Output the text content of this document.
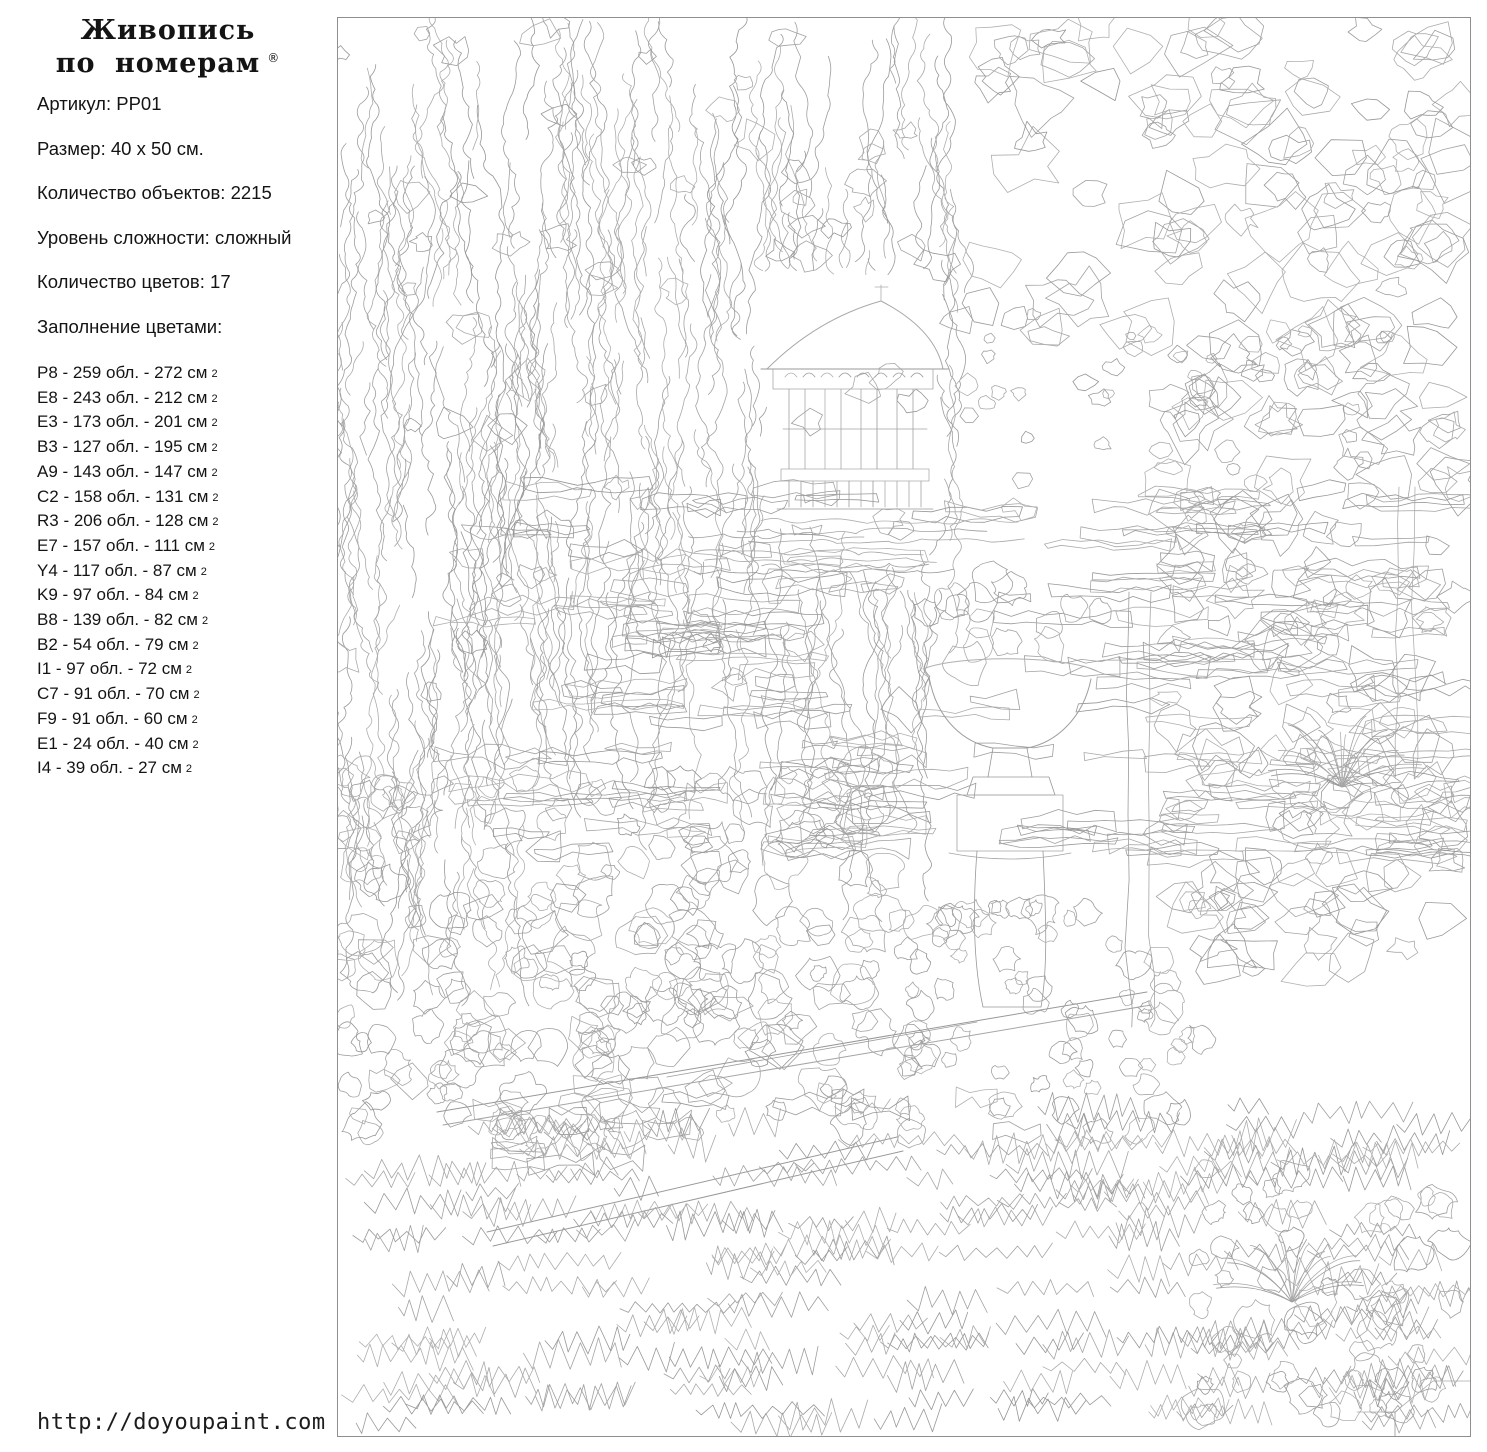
Живопись
по номерам ®

Артикул: PP01

Размер: 40 x 50 см.

Количество объектов: 2215

Уровень сложности: сложный

Количество цветов: 17

Заполнение цветами:

P8 - 259 обл. - 272 см 2
E8 - 243 обл. - 212 см 2
E3 - 173 обл. - 201 см 2
B3 - 127 обл. - 195 см 2
A9 - 143 обл. - 147 см 2
C2 - 158 обл. - 131 см 2
R3 - 206 обл. - 128 см 2
E7 - 157 обл. - 111 см 2
Y4 - 117 обл. - 87 см 2
K9 - 97 обл. - 84 см 2
B8 - 139 обл. - 82 см 2
B2 - 54 обл. - 79 см 2
I1 - 97 обл. - 72 см 2
C7 - 91 обл. - 70 см 2
F9 - 91 обл. - 60 см 2
E1 - 24 обл. - 40 см 2
I4 - 39 обл. - 27 см 2
http://doyoupaint.com
